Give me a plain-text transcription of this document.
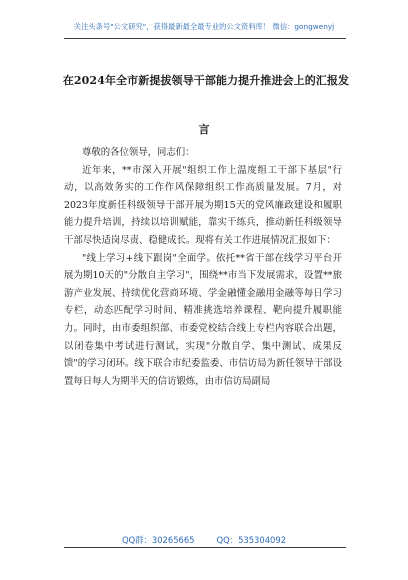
关注头条号"公文研究"，获得最新最全最专业的公文资料库！ 微信：gongwenyj
在2024年全市新提拔领导干部能力提升推进会上的汇报发
言

尊敬的各位领导，同志们：

近年来，**市深入开展"组织工作上温度组工干部下基层"行动，以高效务实的工作作风保障组织工作高质量发展。7月，对2023年度新任科级领导干部开展为期15天的党风廉政建设和履职能力提升培训，持续以培训赋能，靠实干练兵，推动新任科级领导干部尽快适岗尽责、稳健成长。现将有关工作进展情况汇报如下：

"线上学习+线下跟岗"全面学。依托**省干部在线学习平台开展为期10天的"分散自主学习"，围绕**市当下发展需求，设置**旅游产业发展、持续优化营商环境、学金融懂金融用金融等每日学习专栏，动态匹配学习时间、精准挑选培养课程、靶向提升履职能力。同时，由市委组织部、市委党校结合线上专栏内容联合出题，以闭卷集中考试进行测试，实现"分散自学、集中测试、成果反馈"的学习闭环。线下联合市纪委监委、市信访局为新任领导干部设置每日每人为期半天的信访锻炼，由市信访局副局

QQ群：30265665	QQ：535304092
